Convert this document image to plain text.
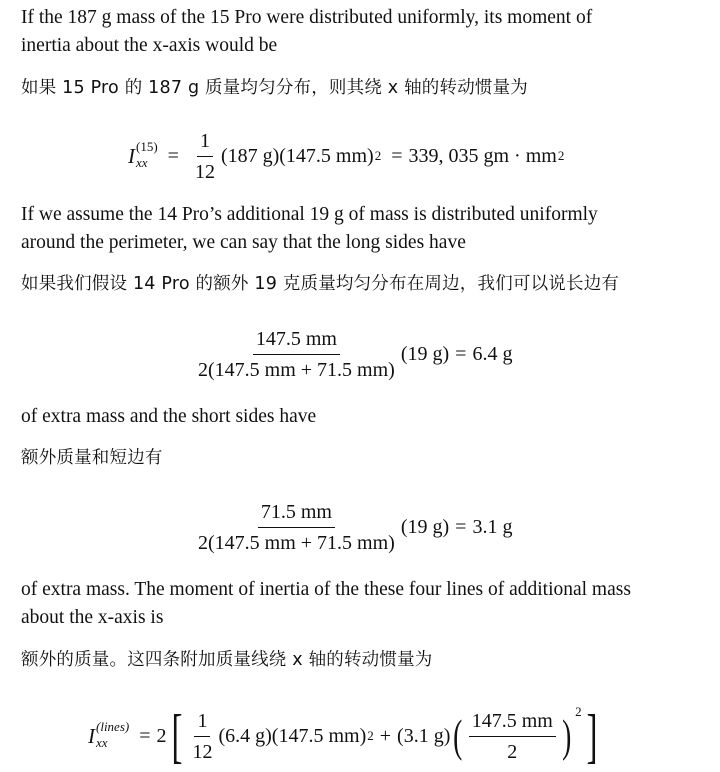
If the 187 g mass of the 15 Pro were distributed uniformly, its moment of
inertia about the x-axis would be
如果 15 Pro 的 187 g 质量均匀分布，则其绕 x 轴的转动惯量为
I (15)
xx	= $\frac{1}{12} (187$ g)(147.5 mm) 2 = 339, 035 gm · mm 2
If we assume the 14 Pro’s additional 19 g of mass is distributed uniformly
around the perimeter, we can say that the long sides have
如果我们假设 14 Pro 的额外 19 克质量均匀分布在周边，我们可以说长边有
$\frac{147.5 mm}{2(147.5 mm + 71.5 mm)} (19$ g) = 6.4 g
of extra mass and the short sides have
额外质量和短边有
$\frac{71.5 mm}{2(147.5 mm + 71.5 mm)} (19$ g) = 3.1 g
of extra mass. The moment of inertia of the these four lines of additional mass
about the x-axis is
额外的质量。这四条附加质量线绕 x 轴的转动惯量为
I (lines)
xx	= 2 [ $\frac{1}{12} (6.4$ g)(147.5 mm) 2 + (3.1 g) ( $\frac{147.5 mm}{2}$ ) 2 ]
